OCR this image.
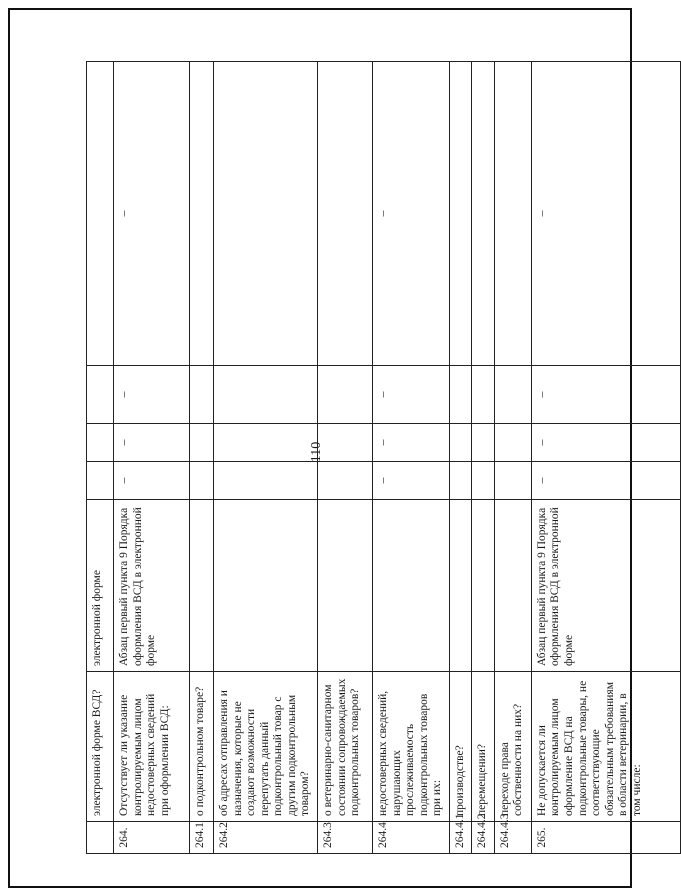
110
	электронной форме ВСД?	электронной форме				
264.	Отсутствует ли указание контролируемым лицом недостоверных сведений при оформлении ВСД:	Абзац первый пункта 9 Порядка оформления ВСД в электронной форме	–	–	–	–
264.1	о подконтрольном товаре?					
264.2	об адресах отправления и назначения, которые не создают возможности перепутать данный подконтрольный товар с другим подконтрольным товаром?					
264.3	о ветеринарно-санитарном состоянии сопровождаемых подконтрольных товаров?					
264.4	недостоверных сведений, нарушающих прослеживаемость подконтрольных товаров при их:		–	–	–	–
264.4.1	производстве?					
264.4.2	перемещении?					
264.4.3	переходе права собственности на них?					
265.	Не допускается ли контролируемым лицом оформление ВСД на подконтрольные товары, не соответствующие обязательным требованиям в области ветеринарии, в том числе:	Абзац первый пункта 9 Порядка оформления ВСД в электронной форме	–	–	–	–
